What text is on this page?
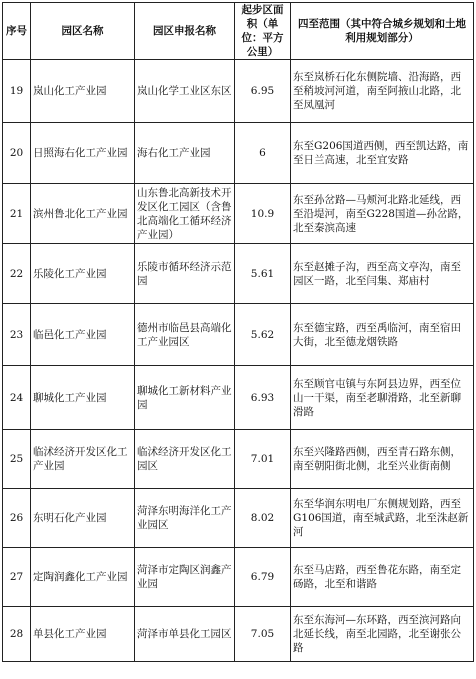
序号	园区名称	园区申报名称	起步区面积（单位：平方公里）	四至范围（其中符合城乡规划和土地利用规划部分）
19	岚山化工产业园	岚山化学工业区东区	6.95	东至岚桥石化东侧院墙、沿海路，西至稍坡河河道，南至阿掖山北路，北至凤凰河
20	日照海右化工产业园	海右化工产业园	6	东至G206国道西侧，西至凯达路，南至日兰高速，北至宜安路
21	滨州鲁北化工产业园	山东鲁北高新技术开发区化工园区（含鲁北高端化工循环经济产业园）	10.9	东至孙岔路—马颊河北路北延线，西至沿堤河，南至G228国道—孙岔路，北至秦滨高速
22	乐陵化工产业园	乐陵市循环经济示范园	5.61	东至赵摊子沟，西至高文亭沟，南至园区一路，北至闫集、郑庙村
23	临邑化工产业园	德州市临邑县高端化工产业园区	5.62	东至德宝路，西至禹临河，南至宿田大街，北至德龙烟铁路
24	聊城化工产业园	聊城化工新材料产业园	6.93	东至顾官屯镇与东阿县边界，西至位山一干渠，南至老聊滑路，北至新聊滑路
25	临沭经济开发区化工产业园	临沭经济开发区化工园区	7.01	东至兴隆路西侧，西至青石路东侧，南至朝阳街北侧，北至兴业街南侧
26	东明石化产业园	菏泽东明海洋化工产业园区	8.02	东至华润东明电厂东侧规划路，西至G106国道，南至城武路，北至洙赵新河
27	定陶润鑫化工产业园	菏泽市定陶区润鑫产业园	6.79	东至马店路，西至鲁花东路，南至定砀路，北至和谐路
28	单县化工产业园	菏泽市单县化工园区	7.05	东至东海河—东环路，西至滨河路向北延长线，南至北园路，北至谢张公路
